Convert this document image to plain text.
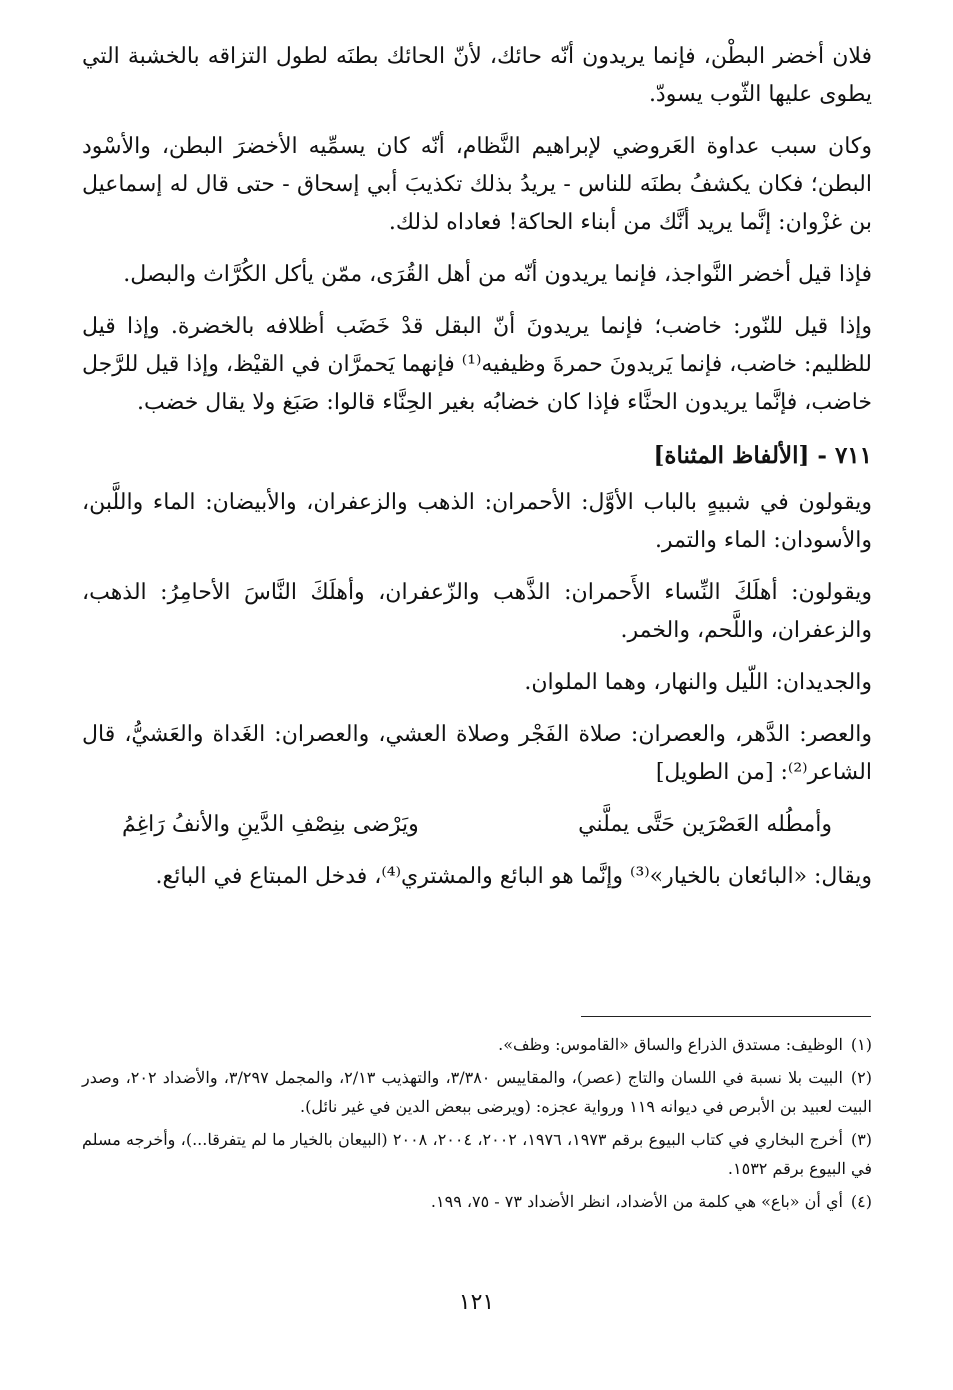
فلان أخضر البطْن، فإنما يريدون أنّه حائك، لأنّ الحائك بطنَه لطول التزاقه بالخشبة التي يطوى عليها الثّوب يسودّ.

وكان سبب عداوة العَروضي لإبراهيم النَّظام، أنّه كان يسمِّيه الأخضرَ البطن، والأسْود البطن؛ فكان يكشفُ بطنَه للناس - يريدُ بذلك تكذيبَ أبي إسحاق - حتى قال له إسماعيل بن غزْوان: إنَّما يريد أنَّك من أبناء الحاكة! فعاداه لذلك.

فإذا قيل أخضر النَّواجذ، فإنما يريدون أنّه من أهل القُرَى، ممّن يأكل الكُرَّاث والبصل.

وإذا قيل للنّور: خاضب؛ فإنما يريدونَ أنّ البقل قدْ خَضَب أظلافه بالخضرة. وإذا قيل للظليم: خاضب، فإنما يَريدونَ حمرةَ وظيفيه⁽¹⁾ فإنهما يَحمرَّان في القيْظ، وإذا قيل للرَّجل خاضب، فإنَّما يريدون الحنَّاء فإذا كان خضابُه بغير الحِنَّاء قالوا: صَبَغ ولا يقال خضب.

٧١١ - [الألفاظ المثناة]

ويقولون في شبيهٍ بالباب الأوَّل: الأحمران: الذهب والزعفران، والأبيضان: الماء واللَّبن، والأسودان: الماء والتمر.

ويقولون: أهلَكَ النِّساء الأَحمران: الذَّهب والزّعفران، وأهلَكَ النَّاسَ الأحامِرُ: الذهب، والزعفران، واللَّحم، والخمر.

والجديدان: اللّيل والنهار، وهما الملوان.

والعصر: الدَّهر، والعصران: صلاة الفَجْر وصلاة العشي، والعصران: الغَداة والعَشيُّ، قال الشاعر⁽²⁾: [من الطويل]

وأمطُله العَصْرَين حَتَّى يملَّني
ويَرْضى بنِصْفِ الدَّينِ والأنفُ رَاغِمُ

ويقال: «البائعان بالخيار»⁽³⁾ وإنَّما هو البائع والمشتري⁽⁴⁾، فدخل المبتاع في البائع.

(١)الوظيف: مستدق الذراع والساق «القاموس: وظف».

(٢)البيت بلا نسبة في اللسان والتاج (عصر)، والمقاييس ٣/٣٨٠، والتهذيب ٢/١٣، والمجمل ٣/٢٩٧، والأضداد ٢٠٢، وصدر البيت لعبيد بن الأبرص في ديوانه ١١٩ ورواية عجزه: (ويرضى ببعض الدين في غير نائل).

(٣)أخرج البخاري في كتاب البيوع برقم ١٩٧٣، ١٩٧٦، ٢٠٠٢، ٢٠٠٤، ٢٠٠٨ (البيعان بالخيار ما لم يتفرقا...)، وأخرجه مسلم في البيوع برقم ١٥٣٢.

(٤)أي أن «باع» هي كلمة من الأضداد، انظر الأضداد ٧٣ - ٧٥، ١٩٩.

١٢١
